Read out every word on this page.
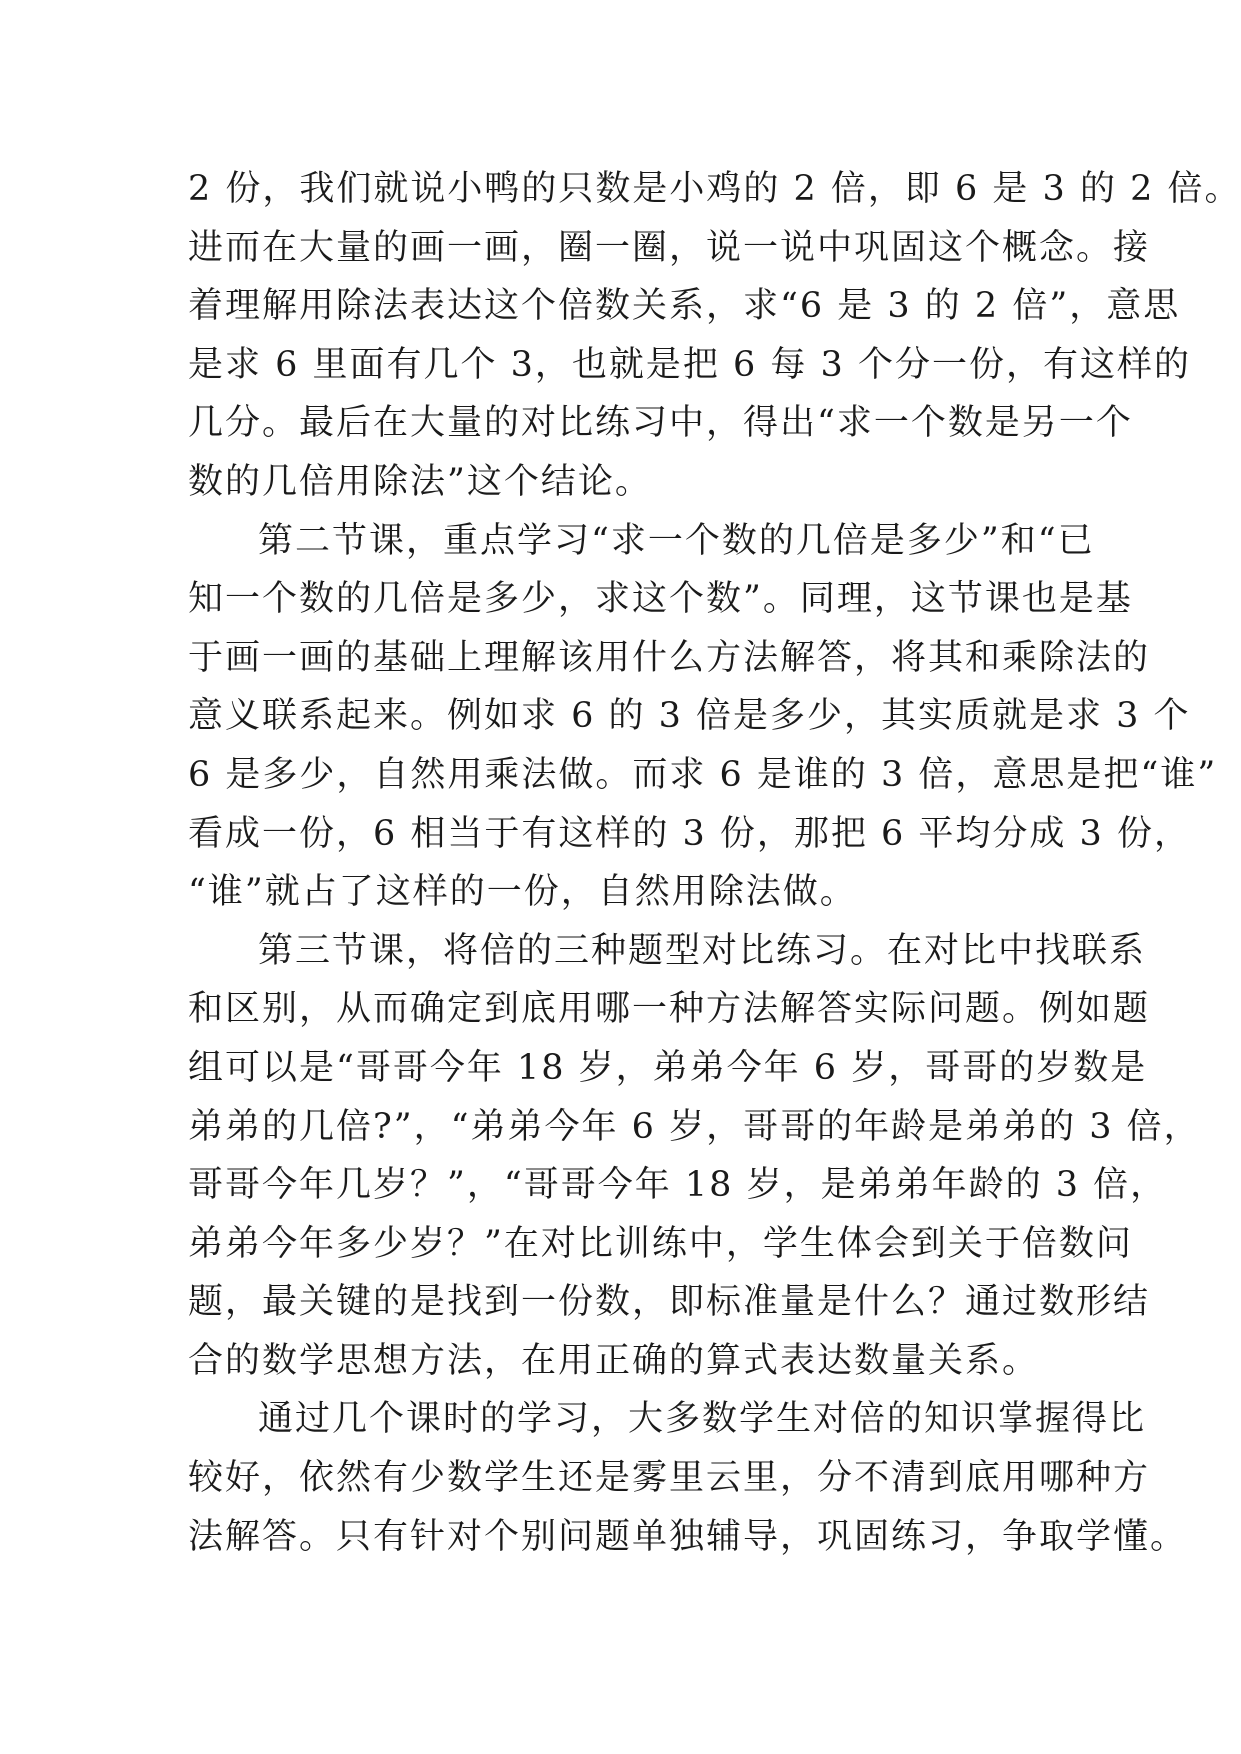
2 份，我们就说小鸭的只数是小鸡的 2 倍，即 6 是 3 的 2 倍。
进而在大量的画一画，圈一圈，说一说中巩固这个概念。接
着理解用除法表达这个倍数关系，求“6 是 3 的 2 倍”，意思
是求 6 里面有几个 3，也就是把 6 每 3 个分一份，有这样的
几分。最后在大量的对比练习中，得出“求一个数是另一个
数的几倍用除法”这个结论。
第二节课，重点学习“求一个数的几倍是多少”和“已
知一个数的几倍是多少，求这个数”。同理，这节课也是基
于画一画的基础上理解该用什么方法解答，将其和乘除法的
意义联系起来。例如求 6 的 3 倍是多少，其实质就是求 3 个
6 是多少，自然用乘法做。而求 6 是谁的 3 倍，意思是把“谁”
看成一份，6 相当于有这样的 3 份，那把 6 平均分成 3 份，
“谁”就占了这样的一份，自然用除法做。
第三节课，将倍的三种题型对比练习。在对比中找联系
和区别，从而确定到底用哪一种方法解答实际问题。例如题
组可以是“哥哥今年 18 岁，弟弟今年 6 岁，哥哥的岁数是
弟弟的几倍?”，“弟弟今年 6 岁，哥哥的年龄是弟弟的 3 倍，
哥哥今年几岁？”，“哥哥今年 18 岁，是弟弟年龄的 3 倍，
弟弟今年多少岁？”在对比训练中，学生体会到关于倍数问
题，最关键的是找到一份数，即标准量是什么？通过数形结
合的数学思想方法，在用正确的算式表达数量关系。
通过几个课时的学习，大多数学生对倍的知识掌握得比
较好，依然有少数学生还是雾里云里，分不清到底用哪种方
法解答。只有针对个别问题单独辅导，巩固练习，争取学懂。
